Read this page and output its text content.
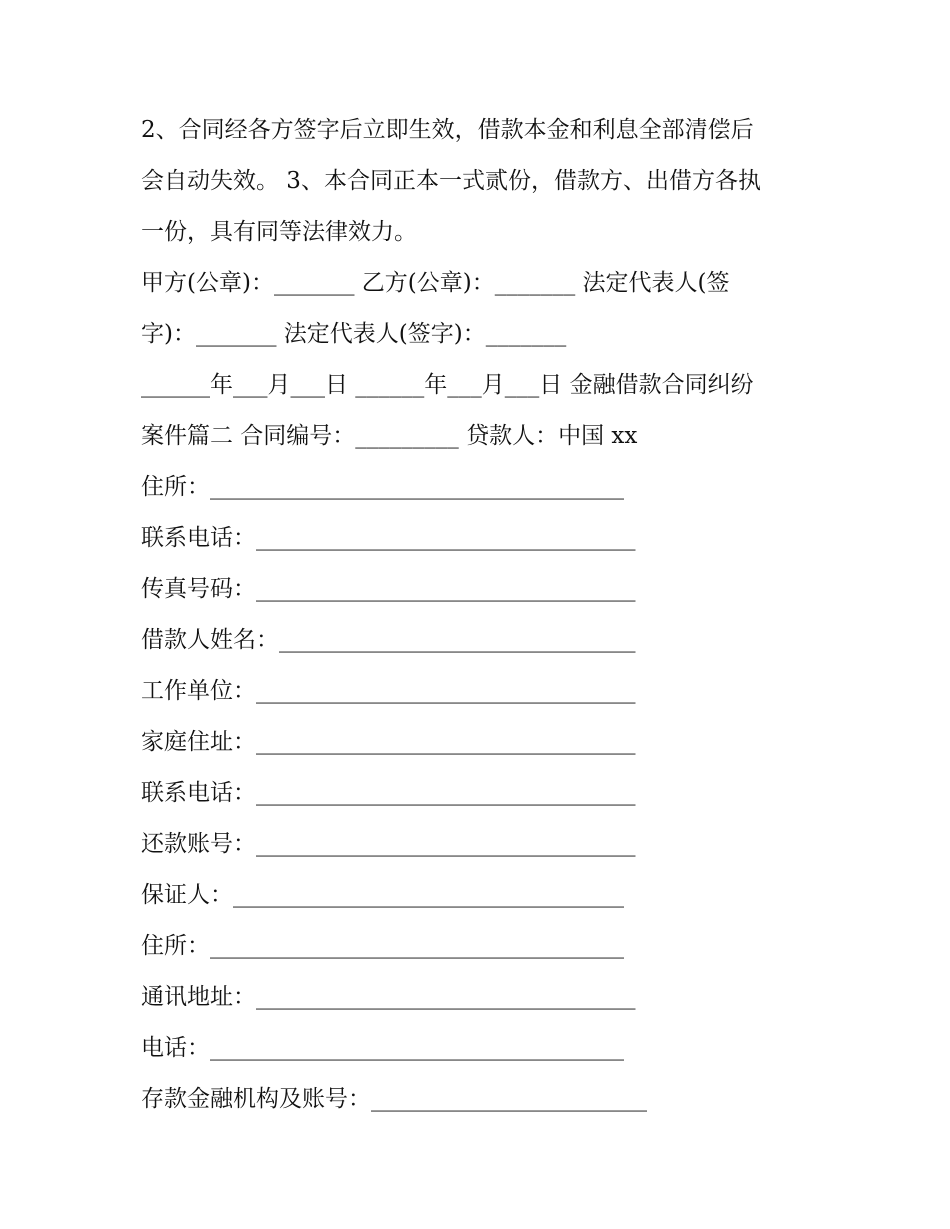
2、合同经各方签字后立即生效，借款本金和利息全部清偿后
会自动失效。 3、本合同正本一式贰份，借款方、出借方各执
一份，具有同等法律效力。
甲方(公章)：_______ 乙方(公章)：_______ 法定代表人(签
字)：_______ 法定代表人(签字)：_______
______年___月___日 ______年___月___日 金融借款合同纠纷
案件篇二 合同编号：_________ 贷款人：中国 xx
住所：____________________________________
联系电话：_________________________________
传真号码：_________________________________
借款人姓名：_______________________________
工作单位：_________________________________
家庭住址：_________________________________
联系电话：_________________________________
还款账号：_________________________________
保证人：__________________________________
住所：____________________________________
通讯地址：_________________________________
电话：____________________________________
存款金融机构及账号：________________________
